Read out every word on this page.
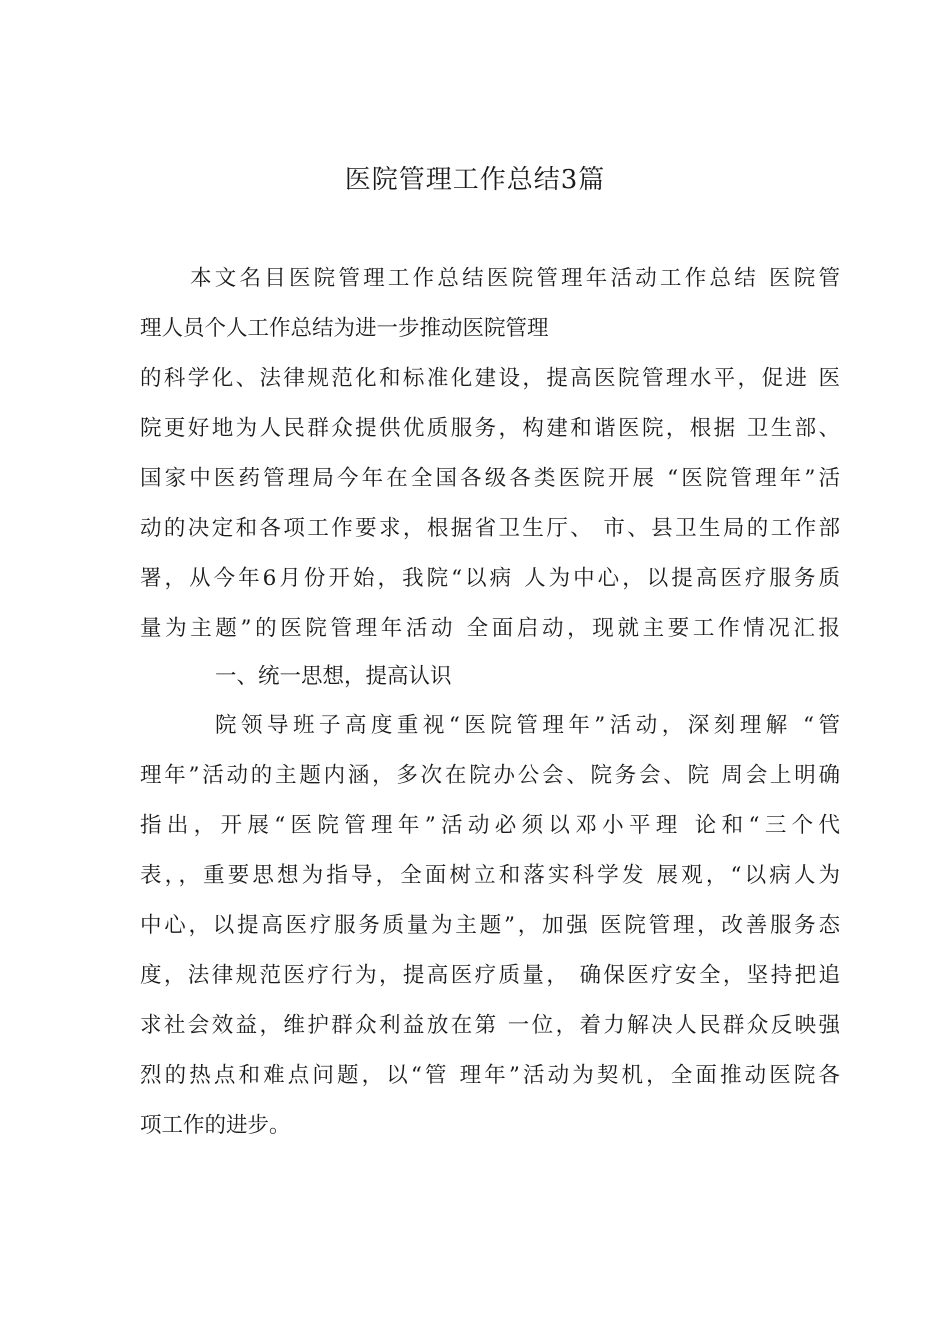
医院管理工作总结3篇
本文名目医院管理工作总结医院管理年活动工作总结 医院管
理人员个人工作总结为进一步推动医院管理
的科学化、法律规范化和标准化建设，提高医院管理水平，促进 医
院更好地为人民群众提供优质服务，构建和谐医院，根据 卫生部、
国家中医药管理局今年在全国各级各类医院开展 “医院管理年”活
动的决定和各项工作要求，根据省卫生厅、 市、县卫生局的工作部
署，从今年6月份开始，我院“以病 人为中心，以提高医疗服务质
量为主题”的医院管理年活动 全面启动，现就主要工作情况汇报
一、统一思想，提高认识
院领导班子高度重视“医院管理年”活动，深刻理解 “管
理年”活动的主题内涵，多次在院办公会、院务会、院 周会上明确
指出，开展“医院管理年”活动必须以邓小平理 论和“三个代
表，，重要思想为指导，全面树立和落实科学发 展观，“以病人为
中心，以提高医疗服务质量为主题”，加强 医院管理，改善服务态
度，法律规范医疗行为，提高医疗质量， 确保医疗安全，坚持把追
求社会效益，维护群众利益放在第 一位，着力解决人民群众反映强
烈的热点和难点问题，以“管 理年”活动为契机，全面推动医院各
项工作的进步。
